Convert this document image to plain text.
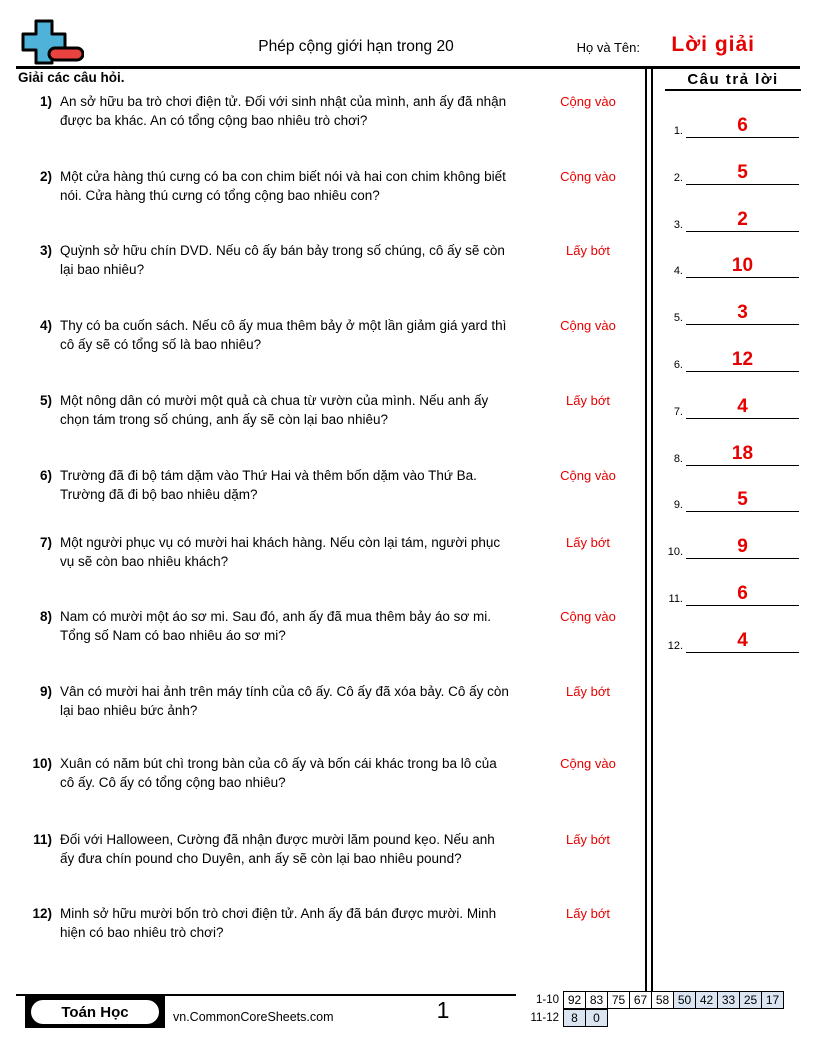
Phép cộng giới hạn trong 20	Họ và Tên: Lời giải
Giải các câu hỏi.
1) An sở hữu ba trò chơi điện tử. Đối với sinh nhật của mình, anh ấy đã nhận được ba khác. An có tổng cộng bao nhiêu trò chơi?
Cộng vào
2) Một cửa hàng thú cưng có ba con chim biết nói và hai con chim không biết nói. Cửa hàng thú cưng có tổng cộng bao nhiêu con?
Cộng vào
3) Quỳnh sở hữu chín DVD. Nếu cô ấy bán bảy trong số chúng, cô ấy sẽ còn lại bao nhiêu?
Lấy bớt
4) Thy có ba cuốn sách. Nếu cô ấy mua thêm bảy ở một lần giảm giá yard thì cô ấy sẽ có tổng số là bao nhiêu?
Cộng vào
5) Một nông dân có mười một quả cà chua từ vườn của mình. Nếu anh ấy chọn tám trong số chúng, anh ấy sẽ còn lại bao nhiêu?
Lấy bớt
6) Trường đã đi bộ tám dặm vào Thứ Hai và thêm bốn dặm vào Thứ Ba. Trường đã đi bộ bao nhiêu dặm?
Cộng vào
7) Một người phục vụ có mười hai khách hàng. Nếu còn lại tám, người phục vụ sẽ còn bao nhiêu khách?
Lấy bớt
8) Nam có mười một áo sơ mi. Sau đó, anh ấy đã mua thêm bảy áo sơ mi. Tổng số Nam có bao nhiêu áo sơ mi?
Cộng vào
9) Vân có mười hai ảnh trên máy tính của cô ấy. Cô ấy đã xóa bảy. Cô ấy còn lại bao nhiêu bức ảnh?
Lấy bớt
10) Xuân có năm bút chì trong bàn của cô ấy và bốn cái khác trong ba lô của cô ấy. Cô ấy có tổng cộng bao nhiêu?
Cộng vào
11) Đối với Halloween, Cường đã nhận được mười lăm pound kẹo. Nếu anh ấy đưa chín pound cho Duyên, anh ấy sẽ còn lại bao nhiêu pound?
Lấy bớt
12) Minh sở hữu mười bốn trò chơi điện tử. Anh ấy đã bán được mười. Minh hiện có bao nhiêu trò chơi?
Lấy bớt
Câu trả lời
1.	6
2.	5
3.	2
4.	10
5.	3
6.	12
7.	4
8.	18
9.	5
10.	9
11.	6
12.	4
Toán Học	vn.CommonCoreSheets.com	1	1-10 92 83 75 67 58 50 42 33 25 17
11-12	8	0
